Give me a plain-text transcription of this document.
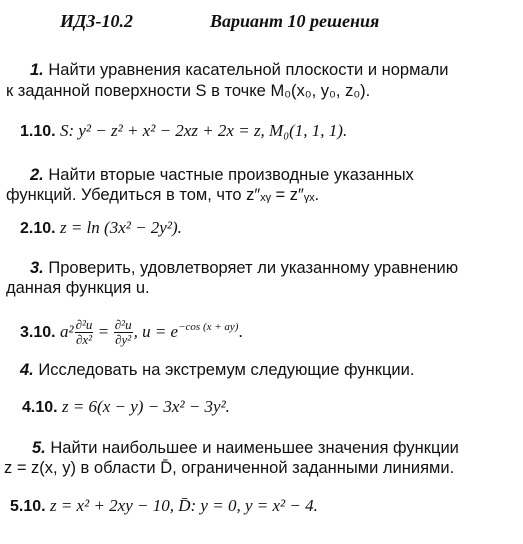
ИДЗ-10.2	Вариант 10 решения
1. Найти уравнения касательной плоскости и нормали
к заданной поверхности S в точке M₀(x₀, y₀, z₀).
1.10. S: y² − z² + x² − 2xz + 2x = z, M₀(1, 1, 1).
2. Найти вторые частные производные указанных
функций. Убедиться в том, что z″ₓᵧ = z″ᵧₓ.
2.10. z = ln (3x² − 2y²).
3. Проверить, удовлетворяет ли указанному уравнению
данная функция u.
3.10. $a^2 \frac{\text{∂²u}}{\text{∂x²}} = \frac{\text{∂²u}}{\text{∂y²}}$ , $u = e^{-cos (x + ay)}$.
4. Исследовать на экстремум следующие функции.
4.10. z = 6(x − y) − 3x² − 3y².
5. Найти наибольшее и наименьшее значения функции
z = z(x, y) в области D̄, ограниченной заданными линиями.
5.10. z = x² + 2xy − 10, D̄: y = 0, y = x² − 4.
